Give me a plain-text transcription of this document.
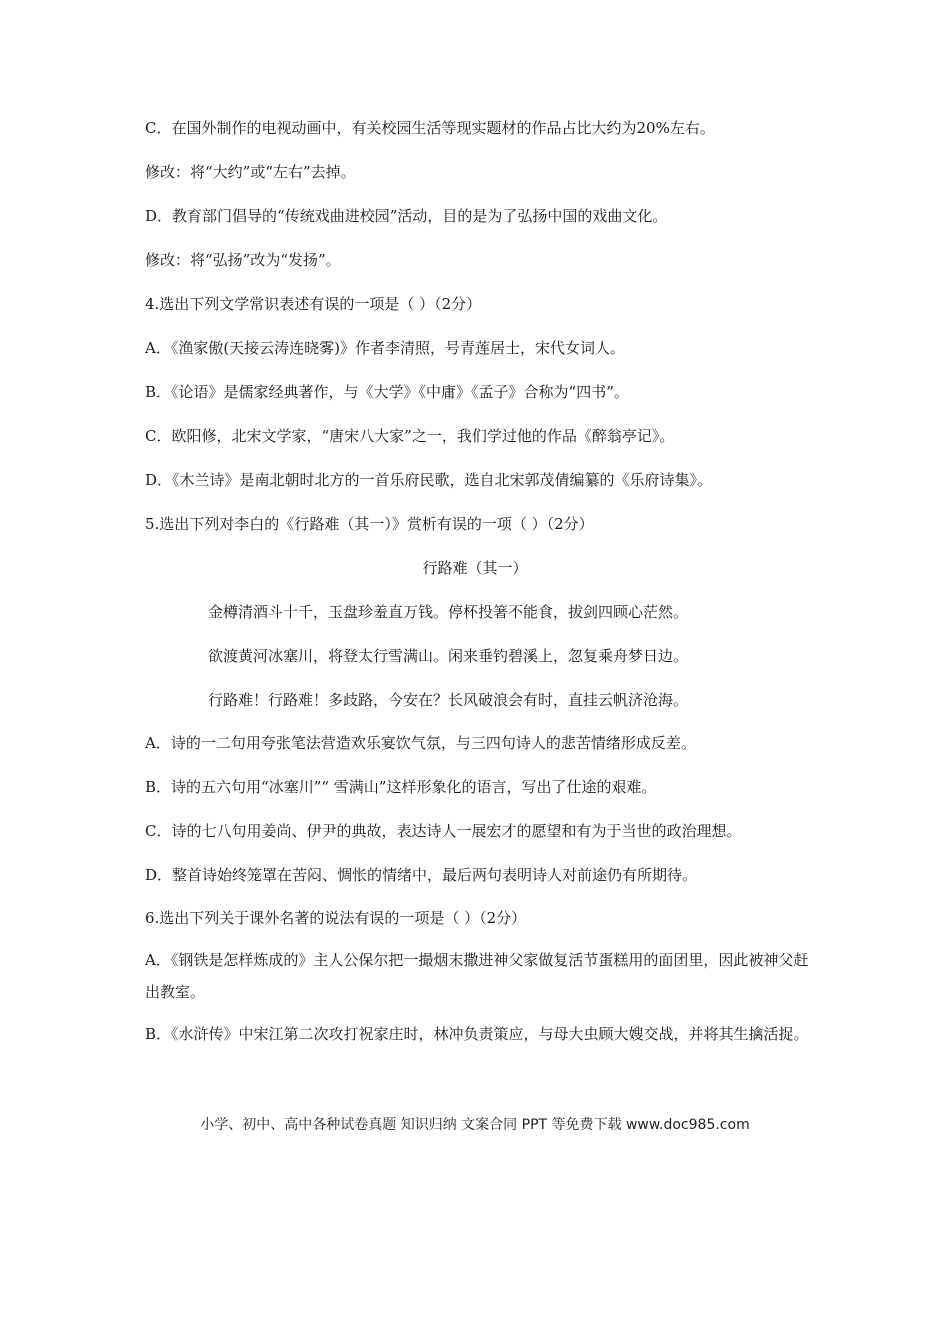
C．在国外制作的电视动画中，有关校园生活等现实题材的作品占比大约为20%左右。
修改：将“大约”或“左右”去掉。
D．教育部门倡导的“传统戏曲进校园”活动，目的是为了弘扬中国的戏曲文化。
修改：将“弘扬”改为“发扬”。
4.选出下列文学常识表述有误的一项是（ ）（2分）
A．《渔家傲(天接云涛连晓雾)》作者李清照，号青莲居士，宋代女词人。
B．《论语》是儒家经典著作，与《大学》《中庸》《孟子》合称为“四书”。
C．欧阳修，北宋文学家，“唐宋八大家”之一，我们学过他的作品《醉翁亭记》。
D．《木兰诗》是南北朝时北方的一首乐府民歌，选自北宋郭茂倩编纂的《乐府诗集》。
5.选出下列对李白的《行路难（其一）》赏析有误的一项（ ）（2分）
行路难（其一）
金樽清酒斗十千，玉盘珍羞直万钱。停杯投箸不能食，拔剑四顾心茫然。
欲渡黄河冰塞川，将登太行雪满山。闲来垂钓碧溪上，忽复乘舟梦日边。
行路难！行路难！多歧路，今安在？长风破浪会有时，直挂云帆济沧海。
A．诗的一二句用夸张笔法营造欢乐宴饮气氛，与三四句诗人的悲苦情绪形成反差。
B．诗的五六句用“冰塞川”“ 雪满山”这样形象化的语言，写出了仕途的艰难。
C．诗的七八句用姜尚、伊尹的典故，表达诗人一展宏才的愿望和有为于当世的政治理想。
D．整首诗始终笼罩在苦闷、惆怅的情绪中，最后两句表明诗人对前途仍有所期待。
6.选出下列关于课外名著的说法有误的一项是（ ）（2分）
A．《钢铁是怎样炼成的》主人公保尔把一撮烟末撒进神父家做复活节蛋糕用的面团里，因此被神父赶出教室。
B．《水浒传》中宋江第二次攻打祝家庄时，林冲负责策应，与母大虫顾大嫂交战，并将其生擒活捉。
小学、初中、高中各种试卷真题 知识归纳 文案合同 PPT 等免费下载 www.doc985.com
